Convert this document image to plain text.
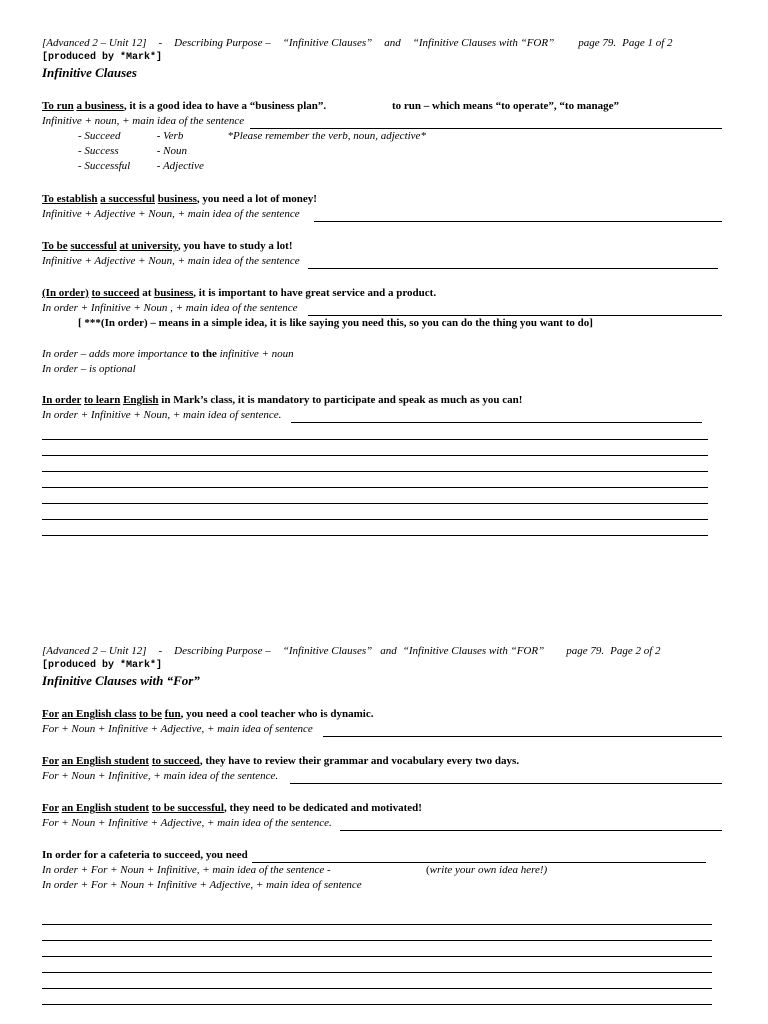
[Advanced 2 – Unit 12] - Describing Purpose – “Infinitive Clauses” and “Infinitive Clauses with “FOR” page 79. Page 1 of 2
[produced by *Mark*]
Infinitive Clauses
To run a business, it is a good idea to have a “business plan”.	to run – which means “to operate”, “to manage”
Infinitive + noun, + main idea of the sentence
- Succeed	- Verb	*Please remember the verb, noun, adjective*
- Success	- Noun
- Successful - Adjective
To establish a successful business, you need a lot of money!
Infinitive + Adjective + Noun, + main idea of the sentence
To be successful at university, you have to study a lot!
Infinitive + Adjective + Noun, + main idea of the sentence
(In order) to succeed at business, it is important to have great service and a product.
In order + Infinitive + Noun , + main idea of the sentence
[ ***(In order) – means in a simple idea, it is like saying you need this, so you can do the thing you want to do]
In order – adds more importance to the infinitive + noun
In order – is optional
In order to learn English in Mark’s class, it is mandatory to participate and speak as much as you can!
In order + Infinitive + Noun, + main idea of sentence.
[Advanced 2 – Unit 12] - Describing Purpose – “Infinitive Clauses” and “Infinitive Clauses with “FOR” page 79. Page 2 of 2
[produced by *Mark*]
Infinitive Clauses with “For”
For an English class to be fun, you need a cool teacher who is dynamic.
For + Noun + Infinitive + Adjective, + main idea of sentence
For an English student to succeed, they have to review their grammar and vocabulary every two days.
For + Noun + Infinitive, + main idea of the sentence.
For an English student to be successful, they need to be dedicated and motivated!
For + Noun + Infinitive + Adjective, + main idea of the sentence.
In order for a cafeteria to succeed, you need
In order + For + Noun + Infinitive, + main idea of the sentence -	(write your own idea here!)
In order + For + Noun + Infinitive + Adjective, + main idea of sentence
